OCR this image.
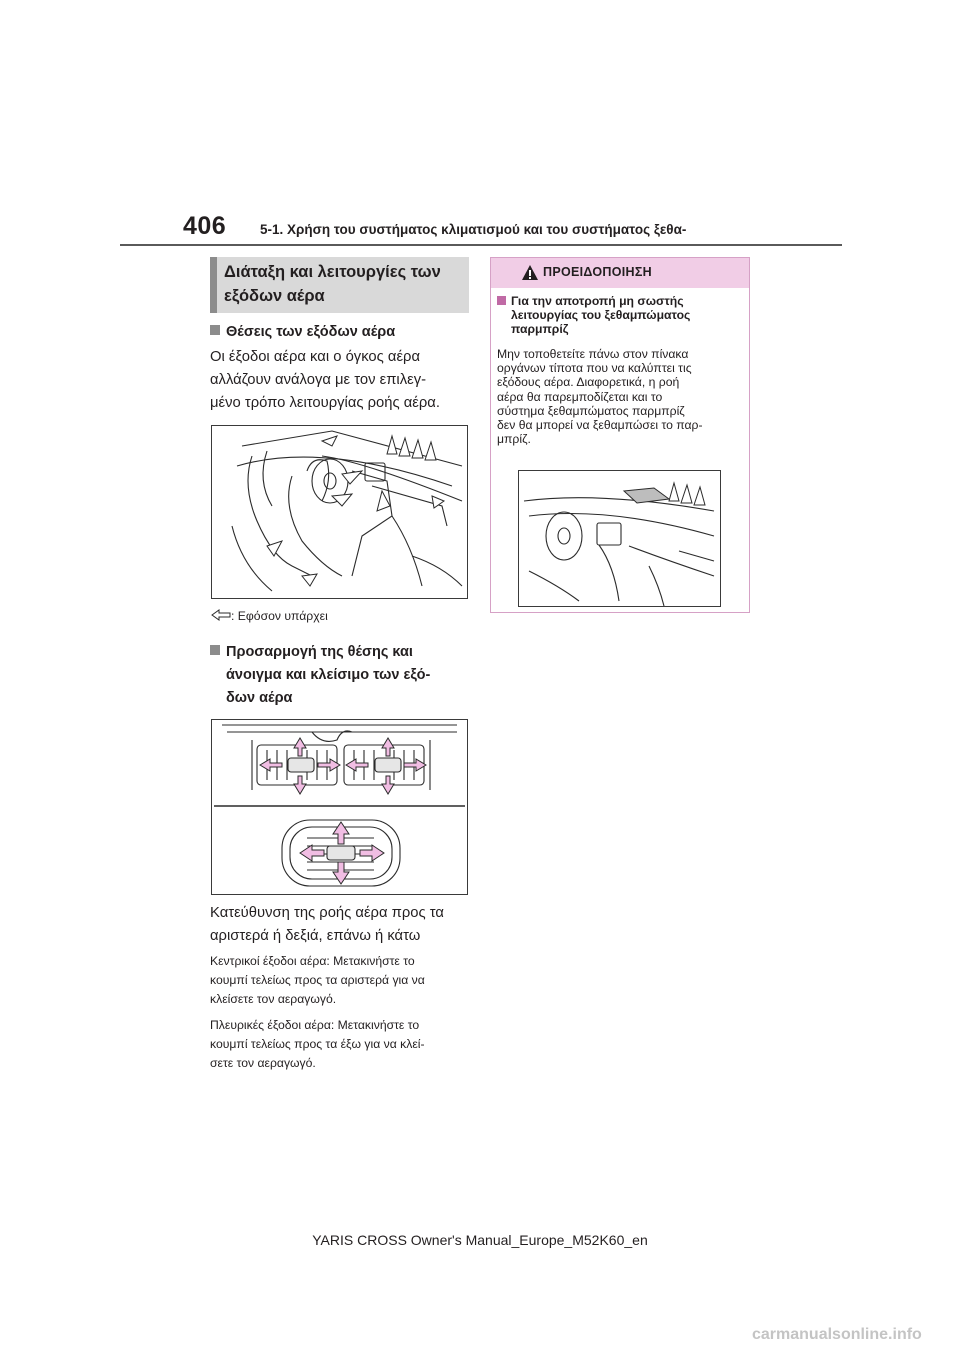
406	5-1. Χρήση του συστήματος κλιματισμού και του συστήματος ξεθα-
Διάταξη και λειτουργίες των
εξόδων αέρα
Θέσεις των εξόδων αέρα
Οι έξοδοι αέρα και ο όγκος αέρα
αλλάζουν ανάλογα με τον επιλεγ-
μένο τρόπο λειτουργίας ροής αέρα.
: Εφόσον υπάρχει
Προσαρμογή της θέσης και
άνοιγμα και κλείσιμο των εξό-
δων αέρα
Κατεύθυνση της ροής αέρα προς τα
αριστερά ή δεξιά, επάνω ή κάτω
Κεντρικοί έξοδοι αέρα: Μετακινήστε το
κουμπί τελείως προς τα αριστερά για να
κλείσετε τον αεραγωγό.
Πλευρικές έξοδοι αέρα: Μετακινήστε το
κουμπί τελείως προς τα έξω για να κλεί-
σετε τον αεραγωγό.
ΠΡΟΕΙΔΟΠΟΙΗΣΗ
Για την αποτροπή μη σωστής
λειτουργίας του ξεθαμπώματος
παρμπρίζ
Μην τοποθετείτε πάνω στον πίνακα
οργάνων τίποτα που να καλύπτει τις
εξόδους αέρα. Διαφορετικά, η ροή
αέρα θα παρεμποδίζεται και το
σύστημα ξεθαμπώματος παρμπρίζ
δεν θα μπορεί να ξεθαμπώσει το παρ-
μπρίζ.
YARIS CROSS Owner's Manual_Europe_M52K60_en
carmanualsonline.info
